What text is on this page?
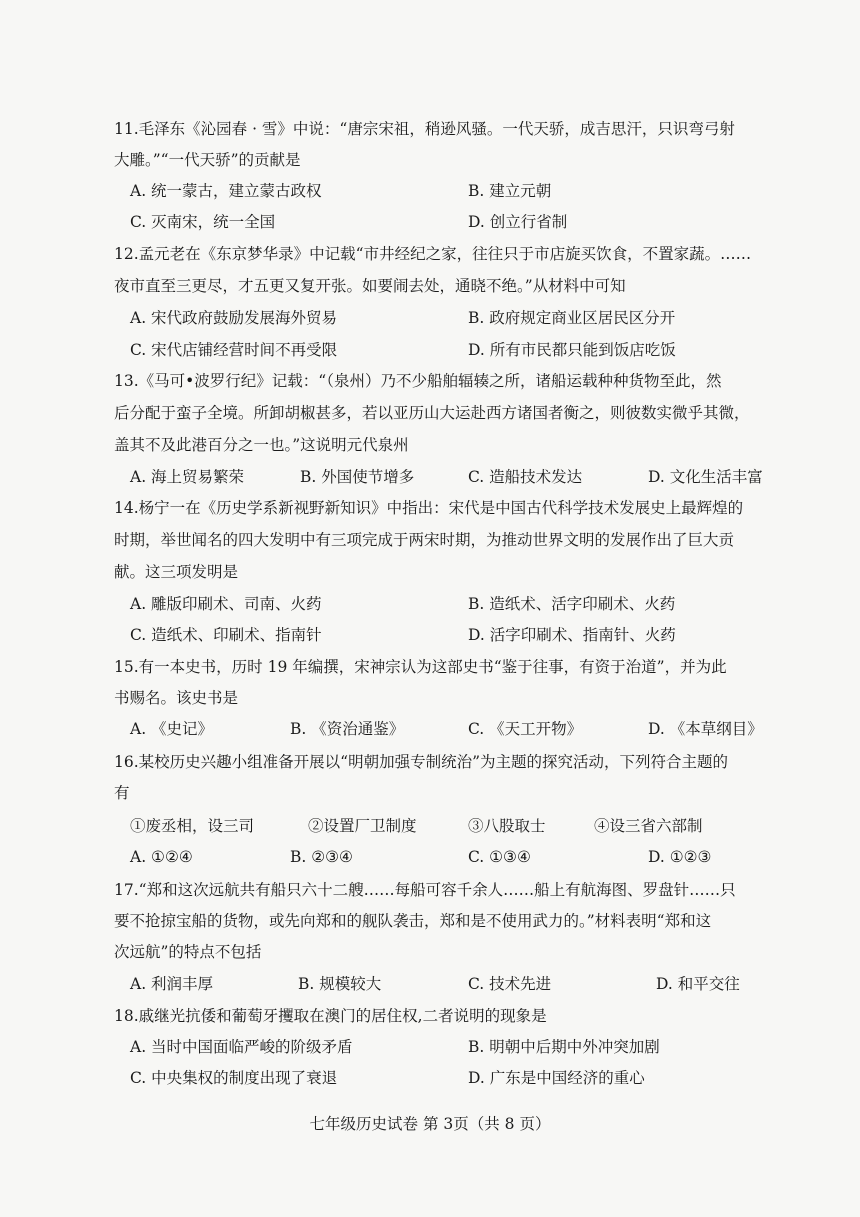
11.毛泽东《沁园春 · 雪》中说：“唐宗宋祖，稍逊风骚。一代天骄，成吉思汗，只识弯弓射
大雕。”“一代天骄”的贡献是
A. 统一蒙古，建立蒙古政权	B. 建立元朝
C. 灭南宋，统一全国	D. 创立行省制
12.孟元老在《东京梦华录》中记载“市井经纪之家，往往只于市店旋买饮食，不置家蔬。……
夜市直至三更尽，才五更又复开张。如要闹去处，通晓不绝。”从材料中可知
A. 宋代政府鼓励发展海外贸易	B. 政府规定商业区居民区分开
C. 宋代店铺经营时间不再受限	D. 所有市民都只能到饭店吃饭
13.《马可•波罗行纪》记载：“（泉州）乃不少船舶辐辏之所，诸船运载种种货物至此，然
后分配于蛮子全境。所卸胡椒甚多，若以亚历山大运赴西方诸国者衡之，则彼数实微乎其微，
盖其不及此港百分之一也。”这说明元代泉州
A. 海上贸易繁荣	B. 外国使节增多	C. 造船技术发达	D. 文化生活丰富
14.杨宁一在《历史学系新视野新知识》中指出：宋代是中国古代科学技术发展史上最辉煌的
时期，举世闻名的四大发明中有三项完成于两宋时期，为推动世界文明的发展作出了巨大贡
献。这三项发明是
A. 雕版印刷术、司南、火药	B. 造纸术、活字印刷术、火药
C. 造纸术、印刷术、指南针	D. 活字印刷术、指南针、火药
15.有一本史书，历时 19 年编撰，宋神宗认为这部史书“鉴于往事，有资于治道”，并为此
书赐名。该史书是
A. 《史记》	B. 《资治通鉴》	C. 《天工开物》	D. 《本草纲目》
16.某校历史兴趣小组准备开展以“明朝加强专制统治”为主题的探究活动，下列符合主题的
有
①废丞相，设三司	②设置厂卫制度	③八股取士	④设三省六部制
A. ①②④	B. ②③④	C. ①③④	D. ①②③
17.“郑和这次远航共有船只六十二艘……每船可容千余人……船上有航海图、罗盘针……只
要不抢掠宝船的货物，或先向郑和的舰队袭击，郑和是不使用武力的。”材料表明“郑和这
次远航”的特点不包括
A. 利润丰厚	B. 规模较大	C. 技术先进	D. 和平交往
18.戚继光抗倭和葡萄牙攫取在澳门的居住权,二者说明的现象是
A. 当时中国面临严峻的阶级矛盾	B. 明朝中后期中外冲突加剧
C. 中央集权的制度出现了衰退	D. 广东是中国经济的重心
七年级历史试卷 第 3页（共 8 页）
